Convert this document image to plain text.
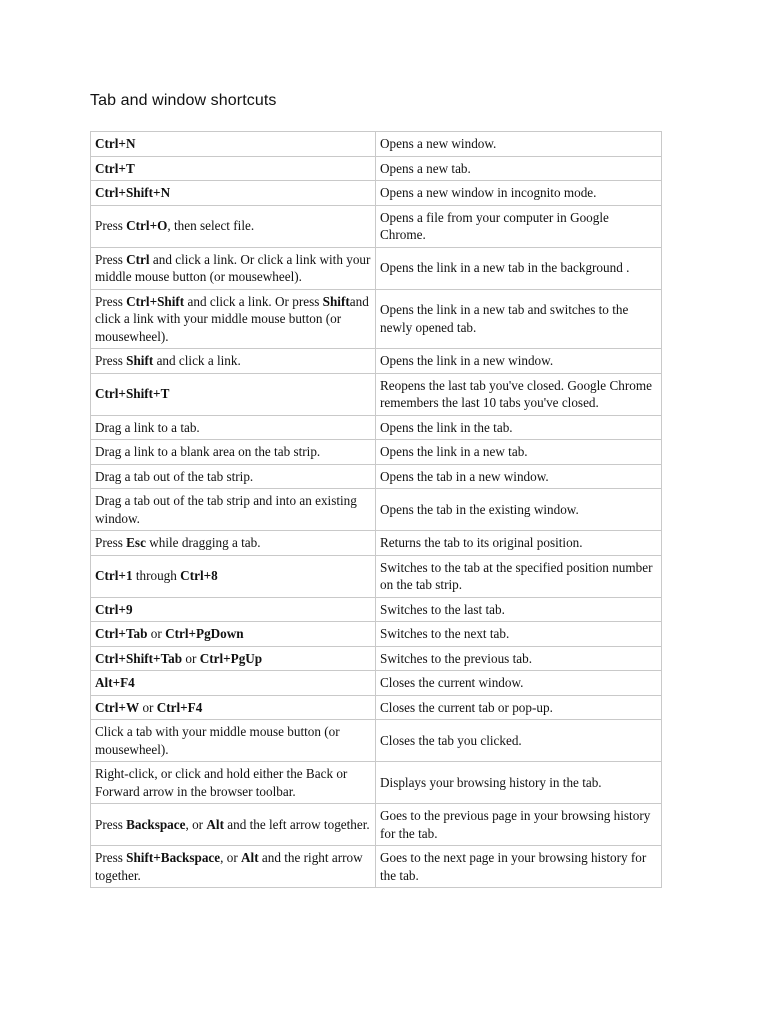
Tab and window shortcuts
Ctrl+N	Opens a new window.
Ctrl+T	Opens a new tab.
Ctrl+Shift+N	Opens a new window in incognito mode.
Press Ctrl+O, then select file.	Opens a file from your computer in Google Chrome.
Press Ctrl and click a link. Or click a link with your middle mouse button (or mousewheel).	Opens the link in a new tab in the background .
Press Ctrl+Shift and click a link. Or press Shiftand click a link with your middle mouse button (or mousewheel).	Opens the link in a new tab and switches to the newly opened tab.
Press Shift and click a link.	Opens the link in a new window.
Ctrl+Shift+T	Reopens the last tab you've closed. Google Chrome remembers the last 10 tabs you've closed.
Drag a link to a tab.	Opens the link in the tab.
Drag a link to a blank area on the tab strip.	Opens the link in a new tab.
Drag a tab out of the tab strip.	Opens the tab in a new window.
Drag a tab out of the tab strip and into an existing window.	Opens the tab in the existing window.
Press Esc while dragging a tab.	Returns the tab to its original position.
Ctrl+1 through Ctrl+8	Switches to the tab at the specified position number on the tab strip.
Ctrl+9	Switches to the last tab.
Ctrl+Tab or Ctrl+PgDown	Switches to the next tab.
Ctrl+Shift+Tab or Ctrl+PgUp	Switches to the previous tab.
Alt+F4	Closes the current window.
Ctrl+W or Ctrl+F4	Closes the current tab or pop-up.
Click a tab with your middle mouse button (or mousewheel).	Closes the tab you clicked.
Right-click, or click and hold either the Back or Forward arrow in the browser toolbar.	Displays your browsing history in the tab.
Press Backspace, or Alt and the left arrow together.	Goes to the previous page in your browsing history for the tab.
Press Shift+Backspace, or Alt and the right arrow together.	Goes to the next page in your browsing history for the tab.
